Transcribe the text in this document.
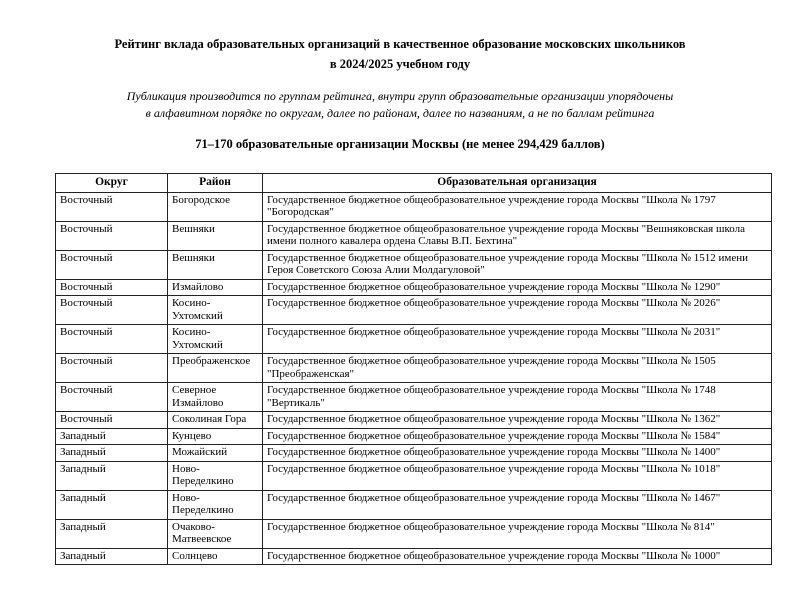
Рейтинг вклада образовательных организаций в качественное образование московских школьников
в 2024/2025 учебном году
Публикация производится по группам рейтинга, внутри групп образовательные организации упорядочены
в алфавитном порядке по округам, далее по районам, далее по названиям, а не по баллам рейтинга
71–170 образовательные организации Москвы (не менее 294,429 баллов)
Округ	Район	Образовательная организация
Восточный	Богородское	Государственное бюджетное общеобразовательное учреждение города Москвы "Школа № 1797 "Богородская"
Восточный	Вешняки	Государственное бюджетное общеобразовательное учреждение города Москвы "Вешняковская школа имени полного кавалера ордена Славы В.П. Бехтина"
Восточный	Вешняки	Государственное бюджетное общеобразовательное учреждение города Москвы "Школа № 1512 имени Героя Советского Союза Алии Молдагуловой"
Восточный	Измайлово	Государственное бюджетное общеобразовательное учреждение города Москвы "Школа № 1290"
Восточный	Косино-Ухтомский	Государственное бюджетное общеобразовательное учреждение города Москвы "Школа № 2026"
Восточный	Косино-Ухтомский	Государственное бюджетное общеобразовательное учреждение города Москвы "Школа № 2031"
Восточный	Преображенское	Государственное бюджетное общеобразовательное учреждение города Москвы "Школа № 1505 "Преображенская"
Восточный	Северное Измайлово	Государственное бюджетное общеобразовательное учреждение города Москвы "Школа № 1748 "Вертикаль"
Восточный	Соколиная Гора	Государственное бюджетное общеобразовательное учреждение города Москвы "Школа № 1362"
Западный	Кунцево	Государственное бюджетное общеобразовательное учреждение города Москвы "Школа № 1584"
Западный	Можайский	Государственное бюджетное общеобразовательное учреждение города Москвы "Школа № 1400"
Западный	Ново-Переделкино	Государственное бюджетное общеобразовательное учреждение города Москвы "Школа № 1018"
Западный	Ново-Переделкино	Государственное бюджетное общеобразовательное учреждение города Москвы "Школа № 1467"
Западный	Очаково-Матвеевское	Государственное бюджетное общеобразовательное учреждение города Москвы "Школа № 814"
Западный	Солнцево	Государственное бюджетное общеобразовательное учреждение города Москвы "Школа № 1000"
